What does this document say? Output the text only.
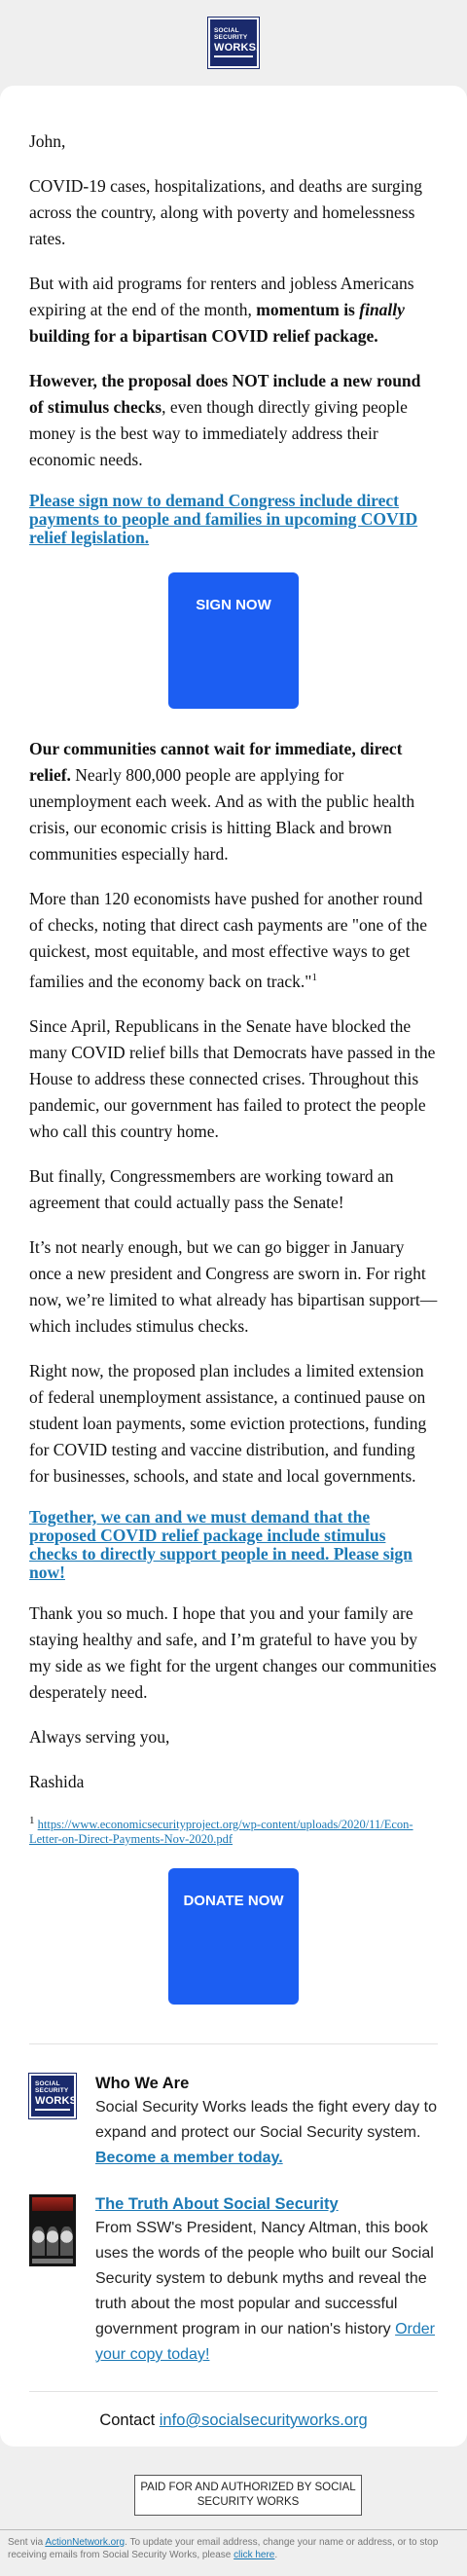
SOCIAL
SECURITY
WORKS.

John,

COVID-19 cases, hospitalizations, and deaths are surging across the country, along with poverty and homelessness rates.

But with aid programs for renters and jobless Americans expiring at the end of the month, momentum is finally building for a bipartisan COVID relief package.

However, the proposal does NOT include a new round of stimulus checks, even though directly giving people money is the best way to immediately address their economic needs.

Please sign now to demand Congress include direct payments to people and families in upcoming COVID relief legislation.

SIGN NOW

Our communities cannot wait for immediate, direct relief. Nearly 800,000 people are applying for unemployment each week. And as with the public health crisis, our economic crisis is hitting Black and brown communities especially hard.

More than 120 economists have pushed for another round of checks, noting that direct cash payments are "one of the quickest, most equitable, and most effective ways to get families and the economy back on track."$^1$

Since April, Republicans in the Senate have blocked the many COVID relief bills that Democrats have passed in the House to address these connected crises. Throughout this pandemic, our government has failed to protect the people who call this country home.

But finally, Congressmembers are working toward an agreement that could actually pass the Senate!

It’s not nearly enough, but we can go bigger in January once a new president and Congress are sworn in. For right now, we’re limited to what already has bipartisan support—which includes stimulus checks.

Right now, the proposed plan includes a limited extension of federal unemployment assistance, a continued pause on student loan payments, some eviction protections, funding for COVID testing and vaccine distribution, and funding for businesses, schools, and state and local governments.

Together, we can and we must demand that the proposed COVID relief package include stimulus checks to directly support people in need. Please sign now!

Thank you so much. I hope that you and your family are staying healthy and safe, and I’m grateful to have you by my side as we fight for the urgent changes our communities desperately need.

Always serving you,

Rashida

$^1$ https://www.economicsecurityproject.org/wp-content/uploads/2020/11/Econ-Letter-on-Direct-Payments-Nov-2020.pdf

DONATE NOW
SOCIAL
SECURITY
WORKS.
Who We Are

Social Security Works leads the fight every day to expand and protect our Social Security system. Become a member today.

The Truth About Social Security

From SSW's President, Nancy Altman, this book uses the words of the people who built our Social Security system to debunk myths and reveal the truth about the most popular and successful government program in our nation's history Order your copy today!

Contact info@socialsecurityworks.org
PAID FOR AND AUTHORIZED BY SOCIAL SECURITY WORKS
Sent via ActionNetwork.org. To update your email address, change your name or address, or to stop receiving emails from Social Security Works, please click here.
